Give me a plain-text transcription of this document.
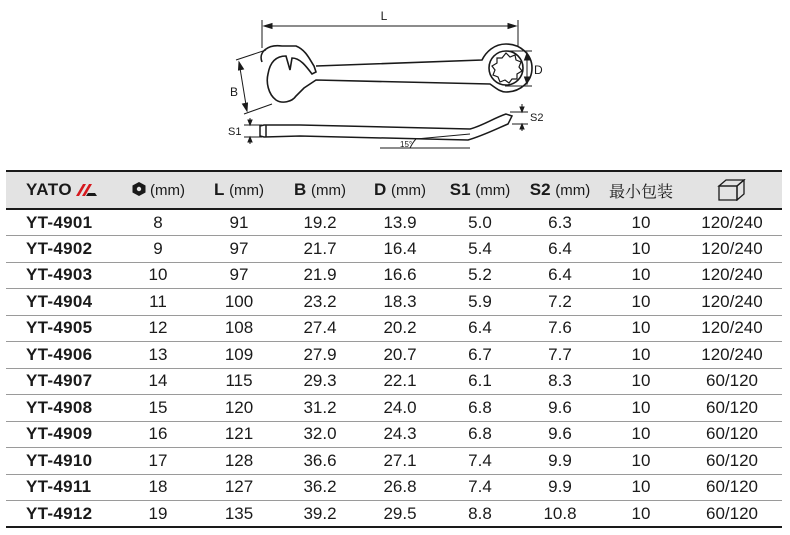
L
D
B
S1
S2
15°
YATO	(mm)	L (mm)	B (mm)	D (mm)	S1 (mm)	S2 (mm)	最小包装	
YT-4901	8	91	19.2	13.9	5.0	6.3	10	120/240
YT-4902	9	97	21.7	16.4	5.4	6.4	10	120/240
YT-4903	10	97	21.9	16.6	5.2	6.4	10	120/240
YT-4904	11	100	23.2	18.3	5.9	7.2	10	120/240
YT-4905	12	108	27.4	20.2	6.4	7.6	10	120/240
YT-4906	13	109	27.9	20.7	6.7	7.7	10	120/240
YT-4907	14	115	29.3	22.1	6.1	8.3	10	60/120
YT-4908	15	120	31.2	24.0	6.8	9.6	10	60/120
YT-4909	16	121	32.0	24.3	6.8	9.6	10	60/120
YT-4910	17	128	36.6	27.1	7.4	9.9	10	60/120
YT-4911	18	127	36.2	26.8	7.4	9.9	10	60/120
YT-4912	19	135	39.2	29.5	8.8	10.8	10	60/120
